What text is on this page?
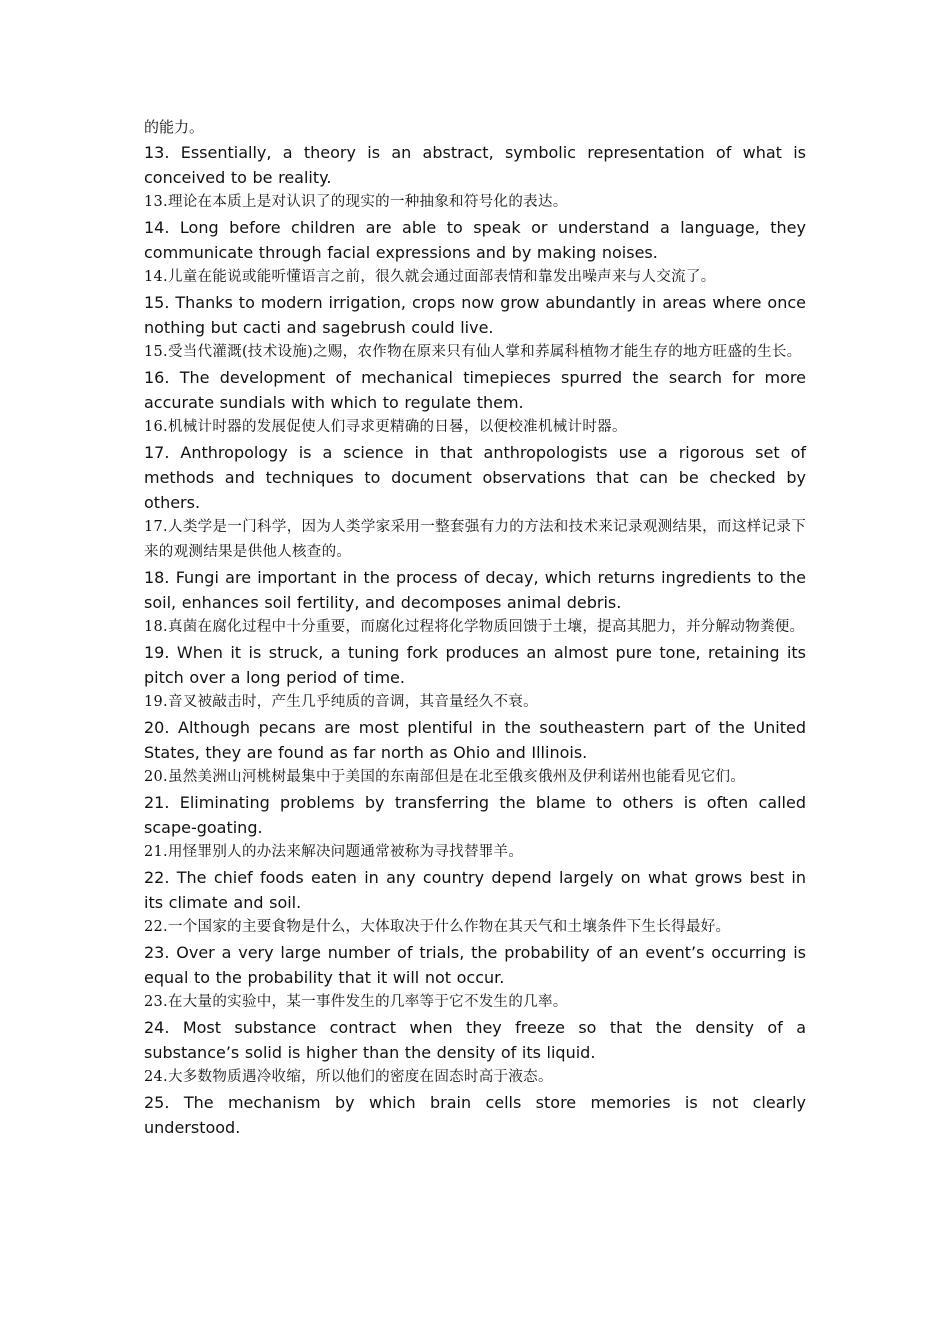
的能力。
13. Essentially, a theory is an abstract, symbolic representation of what is conceived to be reality.
13.理论在本质上是对认识了的现实的一种抽象和符号化的表达。
14. Long before children are able to speak or understand a language, they communicate through facial expressions and by making noises.
14.儿童在能说或能听懂语言之前，很久就会通过面部表情和靠发出噪声来与人交流了。
15. Thanks to modern irrigation, crops now grow abundantly in areas where once nothing but cacti and sagebrush could live.
15.受当代灌溉(技术设施)之赐，农作物在原来只有仙人掌和荞属科植物才能生存的地方旺盛的生长。
16. The development of mechanical timepieces spurred the search for more accurate sundials with which to regulate them.
16.机械计时器的发展促使人们寻求更精确的日晷，以便校准机械计时器。
17. Anthropology is a science in that anthropologists use a rigorous set of methods and techniques to document observations that can be checked by others.
17.人类学是一门科学，因为人类学家采用一整套强有力的方法和技术来记录观测结果，而这样记录下来的观测结果是供他人核查的。
18. Fungi are important in the process of decay, which returns ingredients to the soil, enhances soil fertility, and decomposes animal debris.
18.真菌在腐化过程中十分重要，而腐化过程将化学物质回馈于土壤，提高其肥力，并分解动物粪便。
19. When it is struck, a tuning fork produces an almost pure tone, retaining its pitch over a long period of time.
19.音叉被敲击时，产生几乎纯质的音调，其音量经久不衰。
20. Although pecans are most plentiful in the southeastern part of the United States, they are found as far north as Ohio and Illinois.
20.虽然美洲山河桃树最集中于美国的东南部但是在北至俄亥俄州及伊利诺州也能看见它们。
21. Eliminating problems by transferring the blame to others is often called scape-goating.
21.用怪罪别人的办法来解决问题通常被称为寻找替罪羊。
22. The chief foods eaten in any country depend largely on what grows best in its climate and soil.
22.一个国家的主要食物是什么，大体取决于什么作物在其天气和土壤条件下生长得最好。
23. Over a very large number of trials, the probability of an event’s occurring is equal to the probability that it will not occur.
23.在大量的实验中，某一事件发生的几率等于它不发生的几率。
24. Most substance contract when they freeze so that the density of a substance’s solid is higher than the density of its liquid.
24.大多数物质遇冷收缩，所以他们的密度在固态时高于液态。
25. The mechanism by which brain cells store memories is not clearly understood.
